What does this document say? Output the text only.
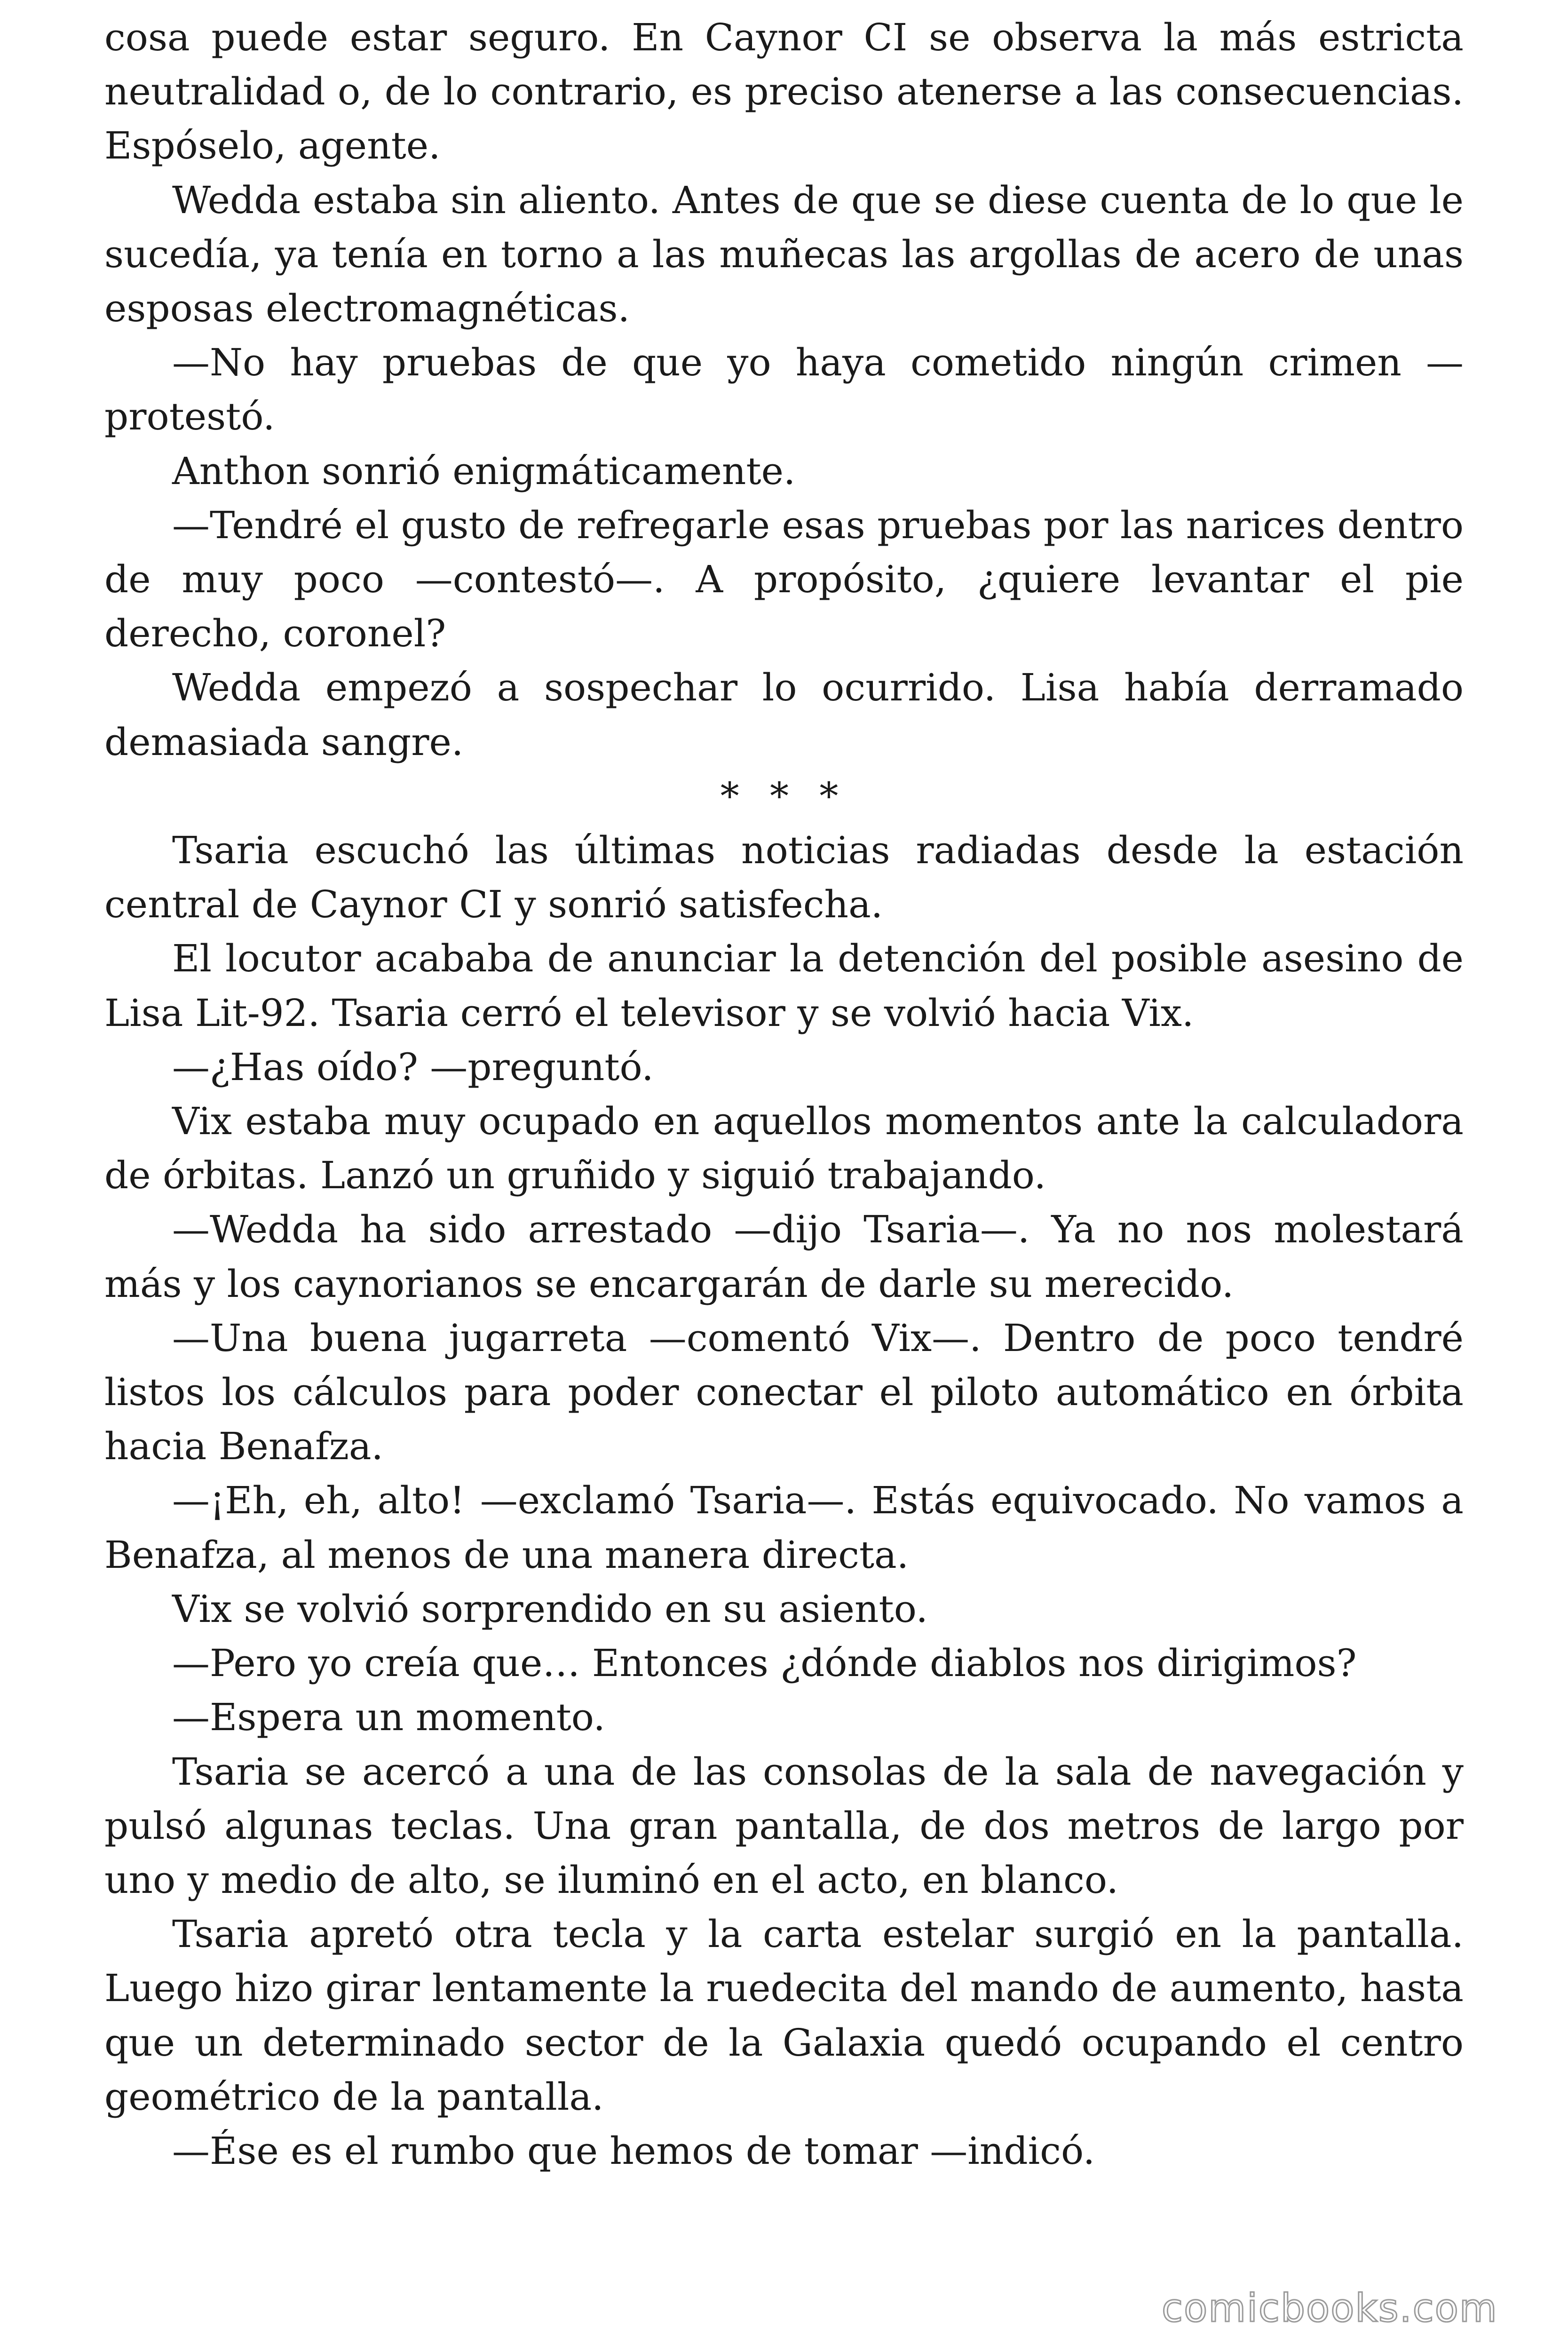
cosa puede estar seguro. En Caynor CI se observa la más estricta neutralidad o, de lo contrario, es preciso atenerse a las consecuencias. Espóselo, agente.

Wedda estaba sin aliento. Antes de que se diese cuenta de lo que le sucedía, ya tenía en torno a las muñecas las argollas de acero de unas esposas electromagnéticas.

—No hay pruebas de que yo haya cometido ningún crimen —protestó.

Anthon sonrió enigmáticamente.

—Tendré el gusto de refregarle esas pruebas por las narices dentro de muy poco —contestó—. A propósito, ¿quiere levantar el pie derecho, coronel?

Wedda empezó a sospechar lo ocurrido. Lisa había derramado demasiada sangre.

* * *

Tsaria escuchó las últimas noticias radiadas desde la estación central de Caynor CI y sonrió satisfecha.

El locutor acababa de anunciar la detención del posible asesino de Lisa Lit-92. Tsaria cerró el televisor y se volvió hacia Vix.

—¿Has oído? —preguntó.

Vix estaba muy ocupado en aquellos momentos ante la calculadora de órbitas. Lanzó un gruñido y siguió trabajando.

—Wedda ha sido arrestado —dijo Tsaria—. Ya no nos molestará más y los caynorianos se encargarán de darle su merecido.

—Una buena jugarreta —comentó Vix—. Dentro de poco tendré listos los cálculos para poder conectar el piloto automático en órbita hacia Benafza.

—¡Eh, eh, alto! —exclamó Tsaria—. Estás equivocado. No vamos a Benafza, al menos de una manera directa.

Vix se volvió sorprendido en su asiento.

—Pero yo creía que… Entonces ¿dónde diablos nos dirigimos?

—Espera un momento.

Tsaria se acercó a una de las consolas de la sala de navegación y pulsó algunas teclas. Una gran pantalla, de dos metros de largo por uno y medio de alto, se iluminó en el acto, en blanco.

Tsaria apretó otra tecla y la carta estelar surgió en la pantalla. Luego hizo girar lentamente la ruedecita del mando de aumento, hasta que un determinado sector de la Galaxia quedó ocupando el centro geométrico de la pantalla.

—Ése es el rumbo que hemos de tomar —indicó.

comicbooks.com
